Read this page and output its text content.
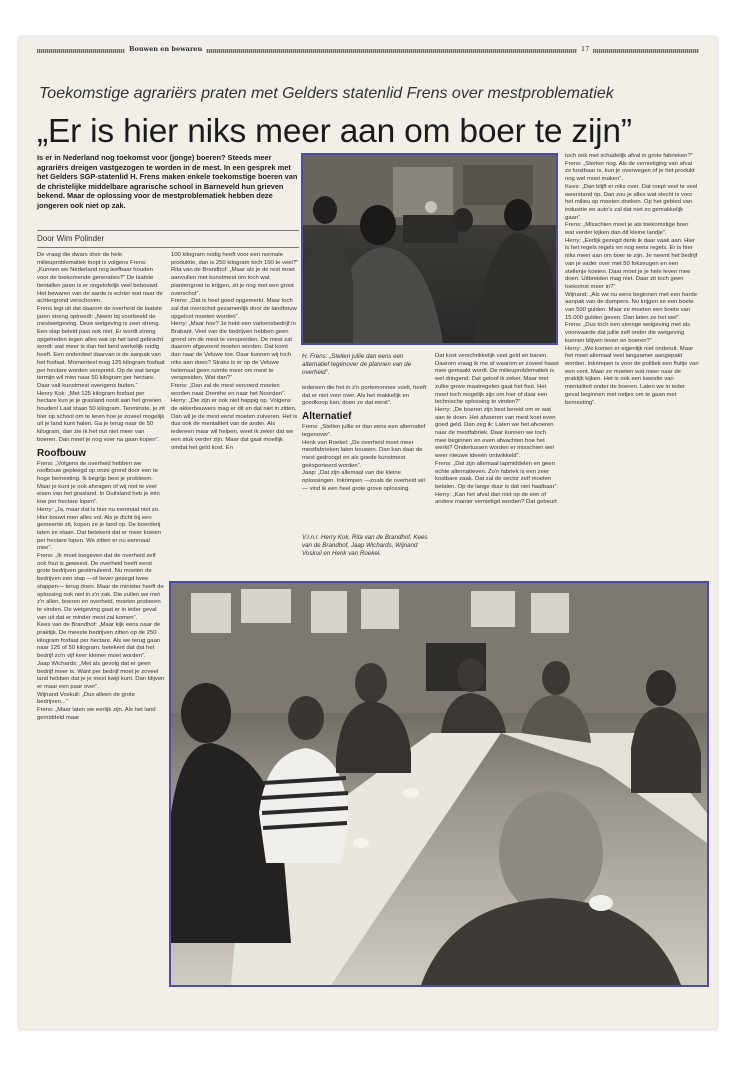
Bouwen en bewaren	17
Toekomstige agrariërs praten met Gelders statenlid Frens over mestproblematiek
„Er is hier niks meer aan om boer te zijn”
Is er in Nederland nog toekomst voor (jonge) boeren? Steeds meer agrariërs dreigen vastgezogen te worden in de mest. In een gesprek met het Gelders SGP-statenlid H. Frens maken enkele toekomstige boeren van de christelijke middelbare agrarische school in Barneveld hun grieven bekend. Maar de oplossing voor de mestproblematiek hebben deze jongeren ook niet op zak.
Door Wim Polinder

De vraag die dwars door de hele milieuproblematiek loopt is volgens Frens: „Kunnen we Nederland nog leefbaar houden voor de toekomende generaties?” De laatste tientallen jaren is er ongelofelijk veel bebouwd. Het bewaren van de aarde is echter wat naar de achtergrond verschoven.

Frens legt uit dat daarom de overheid de laatste jaren streng optreedt: „Neem bij voorbeeld de mestwetgeving. Deze wetgeving is zeer streng. Een slap beleid past ook niet. Er wordt streng opgetreden tegen alles wat op het land gebracht wordt: wat meer is dan het land werkelijk nodig heeft. Een onderdeel daarvan is de aanpak van het fosfaat. Momenteel mag 125 kilogram fosfaat per hectare worden verspreid. Op de wat lange termijn wil men naar 50 kilogram per hectare. Daar valt kunstmest overigens buiten.”

Henry Kok: „Met 125 kilogram fosfaat per hectare kun je je grasland nooit aan het groeien houden! Laat staan 50 kilogram. Tenminste, je zit hier op school om te leren hoe je zoveel mogelijk uit je land kunt halen. Ga je terug naar de 50 kilogram, dan zie ik het nut niet meer van boeren. Dan moet je nog voer na gaan kopen”.

Roofbouw

Frens: „Volgens de overheid hebben we roofbouw gepleegd op onze grond door een te hoge bemesting. Ik begrijp best je probleem. Maar je kunt je ook afvragen of wij niet te veel eisen van het grasland. In Duitsland heb je één koe per hectare lopen”.

Herry: „Ja, maar dat is hier nu eenmaal niet zo. Hier bouwt men alles vol. Als je dicht bij een gemeente zit, kopen ze je land op. De boerderij laten ze staan. Dat betekent dat er meer koeien per hectare lopen. We zitten er nu eenmaal mee”.

Frens: „Ik moet toegeven dat de overheid zelf ook fout is geweest. De overheid heeft eerst grote bedrijven gestimuleerd. Nu moeten de bedrijven een stap —of liever gezegd twee stappen— terug doen. Maar de minister heeft de oplossing ook niet in z'n zak. Die zullen we met z'n allen, boeren en overheid, moeten proberen te vinden. De wetgeving gaat er in ieder geval van uit dat er minder mest zal komen”.

Kees van de Brandhof: „Maar kijk eens naar de praktijk. De meeste bedrijven zitten op de 250 kilogram fosfaat per hectare. Als we terug gaan naar 125 of 50 kilogram, betekent dat dat het bedrijf zo'n vijf keer kleiner moet worden”.

Jaap Wichards: „Met als gevolg dat er geen bedrijf meer is. Want per bedrijf moet je zoveel land hebben dat je je mest kwijt kunt. Dan blijven er maar een paar over”.

Wijnand Voskuil: „Dus alleen de grote bedrijven...”

Frens: „Maar laten we eerlijk zijn. Als het land gemiddeld maar

100 kilogram nodig heeft voor een normale produktie, dan is 250 kilogram toch 150 te veel?”

Rita van de Brandhof: „Maar als je de rest moet aanvullen met kunstmest om toch wat plantengroei te krijgen, zit je nog met een groot overschot”.

Frens: „Dat is heel goed opgemerkt. Maar toch zal dat overschot gezamenlijk door de landbouw opgelost moeten worden”.

Herry: „Maar hoe? Je hebt een varkensbedrijf in Brabant. Veel van die bedrijven hebben geen grond om de mest te verspreiden. De mest zal daarom afgevoerd moeten worden. Dat komt dan naar de Veluwe toe. Daar kunnen wij toch niks aan doen? Straks is er op de Veluwe helemaal geen ruimte meer om mest te verspreiden. Wat dan?”

Frens: „Dan zal de mest vervoerd moeten worden naar Drenthe en naar het Noorden”.

Herry: „Die zijn er ook niet happig op. Volgens de akkerbouwers mag er dit en dat niet in zitten. Dan wil je de mest eerst moeten zuiveren. Het is dus ook de mentaliteit van de ander. Als iedereen maar wil helpen, weet ik zeker dat we een stuk verder zijn. Maar dat gaat moeilijk omdat het geld kost. En

H. Frens: „Stellen jullie dan eens een alternatief tegenover de plannen van de overheid”.

iedereen die het in z'n portemonnee voelt, heeft dat er niet voor over. Als het makkelijk en goedkoop kan, doen ze dat eerst”.

Alternatief

Frens: „Stellen jullie er dan eens een alternatief tegenover”.

Henk van Roekel: „De overheid moet meer mestfabrieken laten bouwen. Dan kan daar de mest gedroogd en als goede kunstmest geëxporteerd worden”.

Jaap: „Dat zijn allemaal van die kleine oplossingen. Inkrimpen —zoals de overheid wil— vind ik een heel grote grove oplossing.

V.l.n.r. Herry Kok, Rita van de Brandhof, Kees van de Brandhof, Jaap Wichards, Wijnand Voskuil en Henk van Roekel.

Dat kost verschrikkelijk veel geld en banen. Daarom vraag ik me af waarom er zoveel haast mee gemaakt wordt. De milieuproblematiek is wel dringend. Dat geloof ik zeker. Maar met zulke grove maatregelen gaat het fout. Het moet toch mogelijk zijn om hier of daar een technische oplossing te vinden?”

Herry: „De boeren zijn best bereid om er wat aan te doen. Het afvoeren van mest kost even goed geld. Dan zeg ik: Laten we het afvoeren naar de mestfabriek. Daar kunnen we toch mee beginnen en even afwachten hoe het werkt? Ondertussen worden er misschien wel weer nieuwe ideeën ontwikkeld”.

Frens: „Dat zijn allemaal lapmiddelen en geen echte alternatieven. Zo'n fabriek is een zeer kostbare zaak. Dat zal de sector zelf moeten betalen. Op de lange duur is dat niet haalbaar”.

Herry: „Kan het afval dan niet op de een of andere manier vernietigd worden? Dat gebeurt

toch ook met schadelijk afval in grote fabrieken?”

Frens: „Sterker nog. Als de vernietiging van afval zo kostbaar is, kun je overwegen of je het produkt nog wel moet maken”.

Kees: „Dan blijft er niks over. Dat roept veel te veel weerstand op. Dan zou je alles wat slecht is voor het milieu op moeten doeken. Op het gebied van industrie en auto's zal dat niet zo gemakkelijk gaan”.

Frens: „Misschien moet je als toekomstige boer wat verder kijken dan dit kleine landje”.

Herry: „Eerlijk gezegd denk ik daar vaak aan. Hier is het regels regels en nog eens regels. Er is hier niks meer aan om boer te zijn. Je neemt het bedrijf van je vader over met 50 fokzeugen en een stellenje koeien. Daar moet je je hele leven mee doen. Uitbreiden mag niet. Daar zit toch geen toekomst meer in?”

Wijnand: „Als we nu eens beginnen met een harde aanpak van de dumpers. Nu krijgen ze een boete van 500 gulden. Maar ze moeten een boete van 15.000 gulden geven. Dan laten ze het wel”.

Frens: „Dus toch een strenge wetgeving met als voorwaarde dat jullie zelf onder die wetgeving kunnen blijven leven en boeren?”

Herry: „We komen er eigenlijk niet onderuit. Maar het moet allemaal veel langzamer aangepakt worden. Inkrimpen is voor de politiek een fluitje van een cent. Maar ze moeten wat meer naar de praktijk kijken. Het is ook een kwestie van mentaliteit onder de boeren. Laten we in ieder geval beginnen met netjes om te gaan met bemesting”.
